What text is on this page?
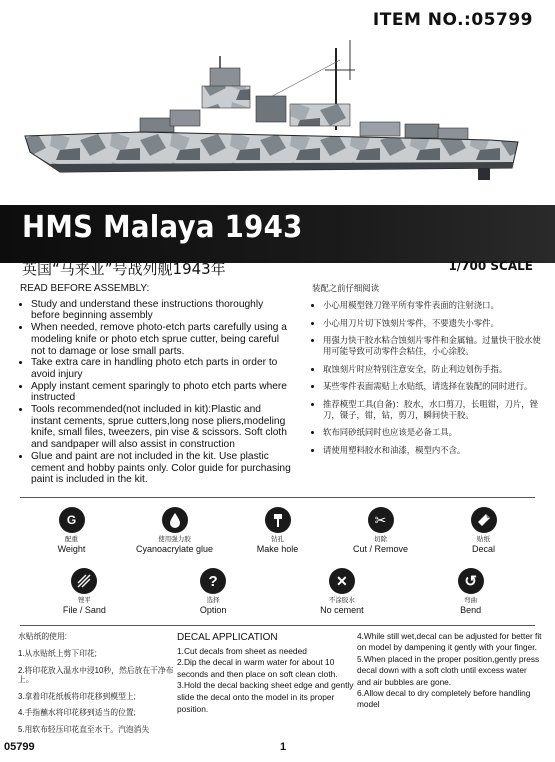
ITEM NO.:05799
HMS Malaya 1943
英国“马来亚”号战列舰1943年	1/700 SCALE
READ BEFORE ASSEMBLY:
• Study and understand these instructions thoroughly before beginning assembly
• When needed, remove photo-etch parts carefully using a modeling knife or photo etch sprue cutter, being careful not to damage or lose small parts.
• Take extra care in handling photo etch parts in order to avoid injury
• Apply instant cement sparingly to photo etch parts where instructed
• Tools recommended(not included in kit):Plastic and instant cements, sprue cutters,long nose pliers,modeling knife, small files, tweezers, pin vise & scissors. Soft cloth and sandpaper will also assist in construction
• Glue and paint are not included in the kit. Use plastic cement and hobby paints only. Color guide for purchasing paint is included in the kit.
装配之前仔细阅读
• 小心用模型锉刀锉平所有零件表面的注射浇口。
• 小心用刀片切下蚀刻片零件，不要遗失小零件。
• 用强力快干胶水粘合蚀刻片零件和金属轴。过量快干胶水使用可能导致可动零件会粘住，小心涂胶。
• 取蚀刻片时应特别注意安全，防止利边划伤手指。
• 某些零件表面需贴上水贴纸，请选择在装配的同时进行。
• 推荐模型工具(自备)：胶水，水口剪刀，长咀钳，刀片，锉刀，镊子，钳，钻，剪刀，瞬间快干胶。
• 软布同砂纸同时也应该是必备工具。
• 请使用塑料胶水和油漆，模型内不含。
G
配重
Weight
使用强力胶
Cyanoacrylate glue
钻孔
Make hole
✂
切除
Cut / Remove
贴纸
Decal
锉平
File / Sand
?
选择
Option
✕
不涂胶水
No cement
↺
弯曲
Bend
水贴纸的使用:
1.从水贴纸上剪下印花;
2.将印花放入温水中浸10秒，然后放在干净布上。
3.拿着印花纸板将印花移到模型上;
4.手指蘸水将印花移到适当的位置;
5.用软布轻压印花直至水干。汽泡消失
DECAL APPLICATION
1.Cut decals from sheet as needed
2.Dip the decal in warm water for about 10 seconds and then place on soft clean cloth.
3.Hold the decal backing sheet edge and gently slide the decal onto the model in its proper position.
4.While still wet,decal can be adjusted for better fit on model by dampening it gently with your finger.
5.When placed in the proper position,gently press decal down with a soft cloth until excess water and air bubbles are gone.
6.Allow decal to dry completely before handling model
05799	1
